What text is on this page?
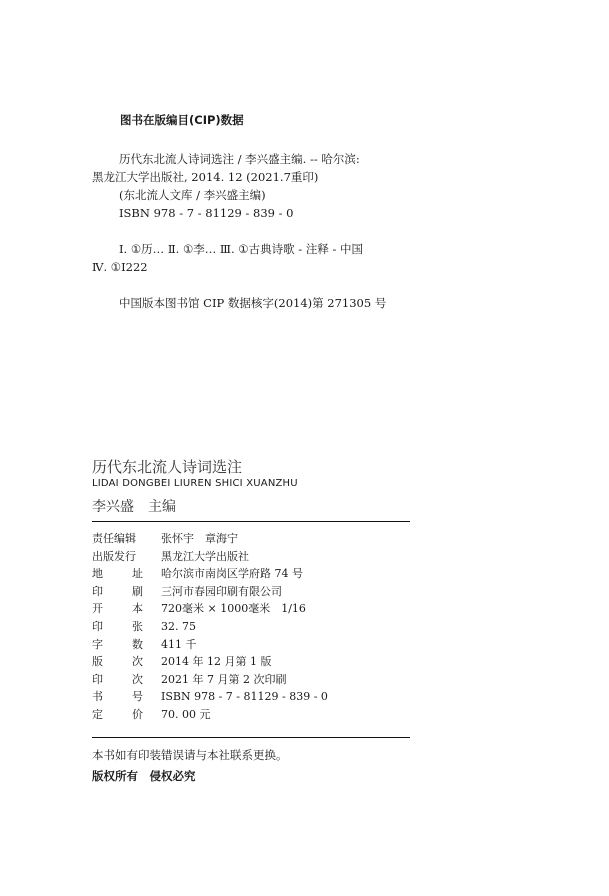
图书在版编目(CIP)数据
历代东北流人诗词选注 / 李兴盛主编. -- 哈尔滨:
黑龙江大学出版社, 2014. 12 (2021.7重印)
(东北流人文库 / 李兴盛主编)
ISBN 978 - 7 - 81129 - 839 - 0
Ⅰ. ①历… Ⅱ. ①李… Ⅲ. ①古典诗歌 - 注释 - 中国
Ⅳ. ①I222
中国版本图书馆 CIP 数据核字(2014)第 271305 号
历代东北流人诗词选注
LIDAI DONGBEI LIUREN SHICI XUANZHU
李兴盛　主编
责任编辑 张怀宇　章海宁
出版发行 黑龙江大学出版社
地	址 哈尔滨市南岗区学府路 74 号
印	刷 三河市春园印刷有限公司
开	本 720毫米 × 1000毫米　1/16
印	张 32. 75
字	数 411 千
版	次 2014 年 12 月第 1 版
印	次 2021 年 7 月第 2 次印刷
书	号 ISBN 978 - 7 - 81129 - 839 - 0
定	价 70. 00 元
本书如有印装错误请与本社联系更换。
版权所有　侵权必究
